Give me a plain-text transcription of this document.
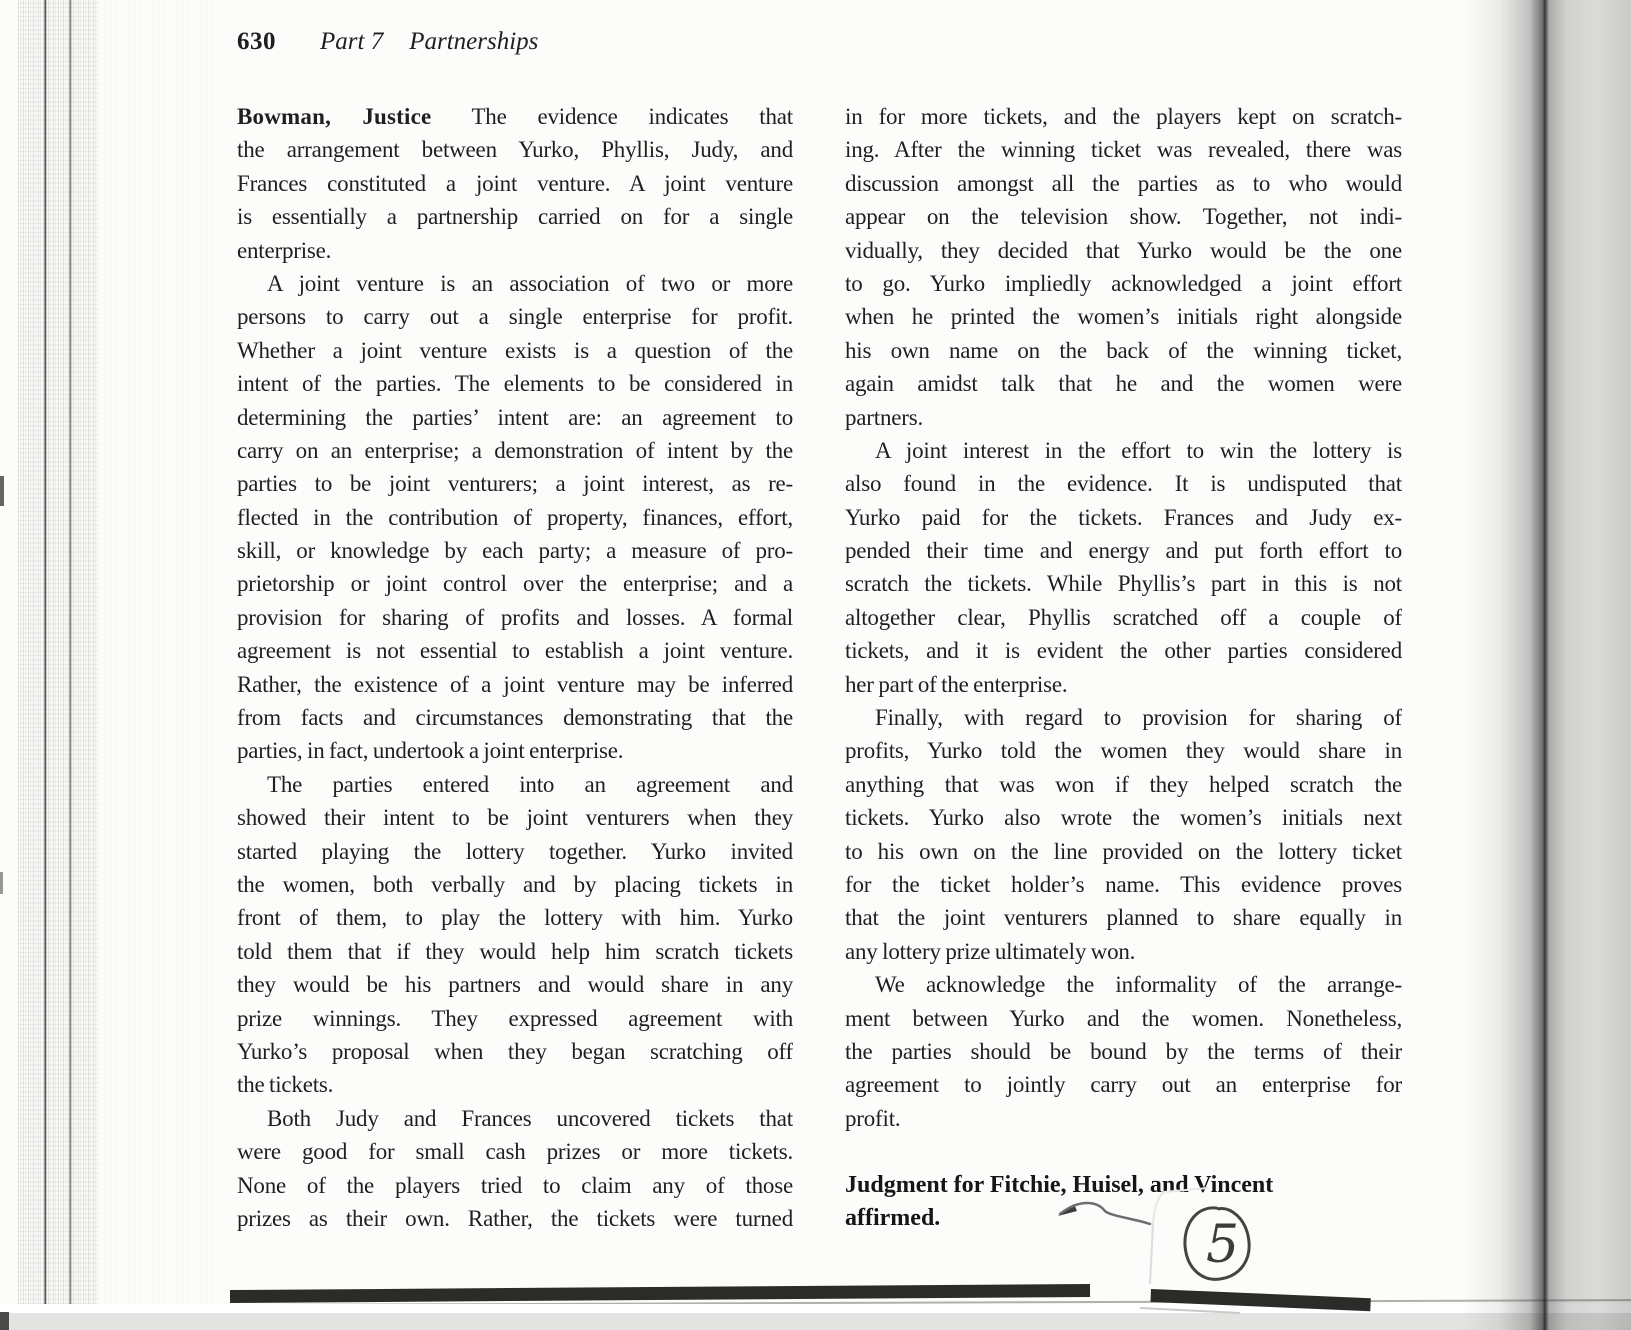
630 Part 7 Partnerships
Bowman, Justice The evidence indicates that
the arrangement between Yurko, Phyllis, Judy, and
Frances constituted a joint venture. A joint venture
is essentially a partnership carried on for a single
enterprise.
A joint venture is an association of two or more
persons to carry out a single enterprise for profit.
Whether a joint venture exists is a question of the
intent of the parties. The elements to be considered in
determining the parties’ intent are: an agreement to
carry on an enterprise; a demonstration of intent by the
parties to be joint venturers; a joint interest, as re-
flected in the contribution of property, finances, effort,
skill, or knowledge by each party; a measure of pro-
prietorship or joint control over the enterprise; and a
provision for sharing of profits and losses. A formal
agreement is not essential to establish a joint venture.
Rather, the existence of a joint venture may be inferred
from facts and circumstances demonstrating that the
parties, in fact, undertook a joint enterprise.
The parties entered into an agreement and
showed their intent to be joint venturers when they
started playing the lottery together. Yurko invited
the women, both verbally and by placing tickets in
front of them, to play the lottery with him. Yurko
told them that if they would help him scratch tickets
they would be his partners and would share in any
prize winnings. They expressed agreement with
Yurko’s proposal when they began scratching off
the tickets.
Both Judy and Frances uncovered tickets that
were good for small cash prizes or more tickets.
None of the players tried to claim any of those
prizes as their own. Rather, the tickets were turned
in for more tickets, and the players kept on scratch-
ing. After the winning ticket was revealed, there was
discussion amongst all the parties as to who would
appear on the television show. Together, not indi-
vidually, they decided that Yurko would be the one
to go. Yurko impliedly acknowledged a joint effort
when he printed the women’s initials right alongside
his own name on the back of the winning ticket,
again amidst talk that he and the women were
partners.
A joint interest in the effort to win the lottery is
also found in the evidence. It is undisputed that
Yurko paid for the tickets. Frances and Judy ex-
pended their time and energy and put forth effort to
scratch the tickets. While Phyllis’s part in this is not
altogether clear, Phyllis scratched off a couple of
tickets, and it is evident the other parties considered
her part of the enterprise.
Finally, with regard to provision for sharing of
profits, Yurko told the women they would share in
anything that was won if they helped scratch the
tickets. Yurko also wrote the women’s initials next
to his own on the line provided on the lottery ticket
for the ticket holder’s name. This evidence proves
that the joint venturers planned to share equally in
any lottery prize ultimately won.
We acknowledge the informality of the arrange-
ment between Yurko and the women. Nonetheless,
the parties should be bound by the terms of their
agreement to jointly carry out an enterprise for
profit.
Judgment for Fitchie, Huisel, and Vincent
affirmed.	5
